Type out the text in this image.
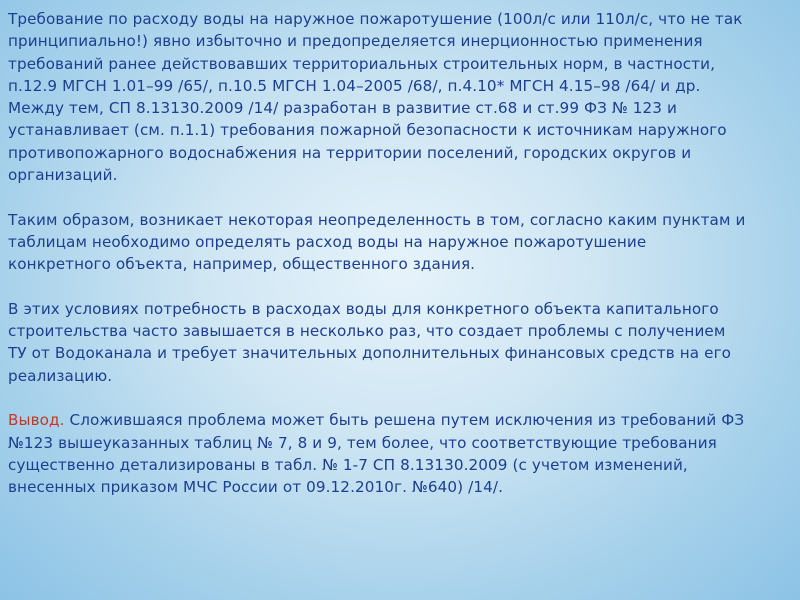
Требование по расходу воды на наружное пожаротушение (100л/с или 110л/с, что не так
принципиально!) явно избыточно и предопределяется инерционностью применения
требований ранее действовавших территориальных строительных норм, в частности,
п.12.9 МГСН 1.01–99 /65/, п.10.5 МГСН 1.04–2005 /68/, п.4.10* МГСН 4.15–98 /64/ и др.
Между тем, СП 8.13130.2009 /14/ разработан в развитие ст.68 и ст.99 ФЗ № 123 и
устанавливает (см. п.1.1) требования пожарной безопасности к источникам наружного
противопожарного водоснабжения на территории поселений, городских округов и
организаций.

Таким образом, возникает некоторая неопределенность в том, согласно каким пунктам и
таблицам необходимо определять расход воды на наружное пожаротушение
конкретного объекта, например, общественного здания.

В этих условиях потребность в расходах воды для конкретного объекта капитального
строительства часто завышается в несколько раз, что создает проблемы с получением
ТУ от Водоканала и требует значительных дополнительных финансовых средств на его
реализацию.

Вывод. Сложившаяся проблема может быть решена путем исключения из требований ФЗ
№123 вышеуказанных таблиц № 7, 8 и 9, тем более, что соответствующие требования
существенно детализированы в табл. № 1-7 СП 8.13130.2009 (с учетом изменений,
внесенных приказом МЧС России от 09.12.2010г. №640) /14/.
